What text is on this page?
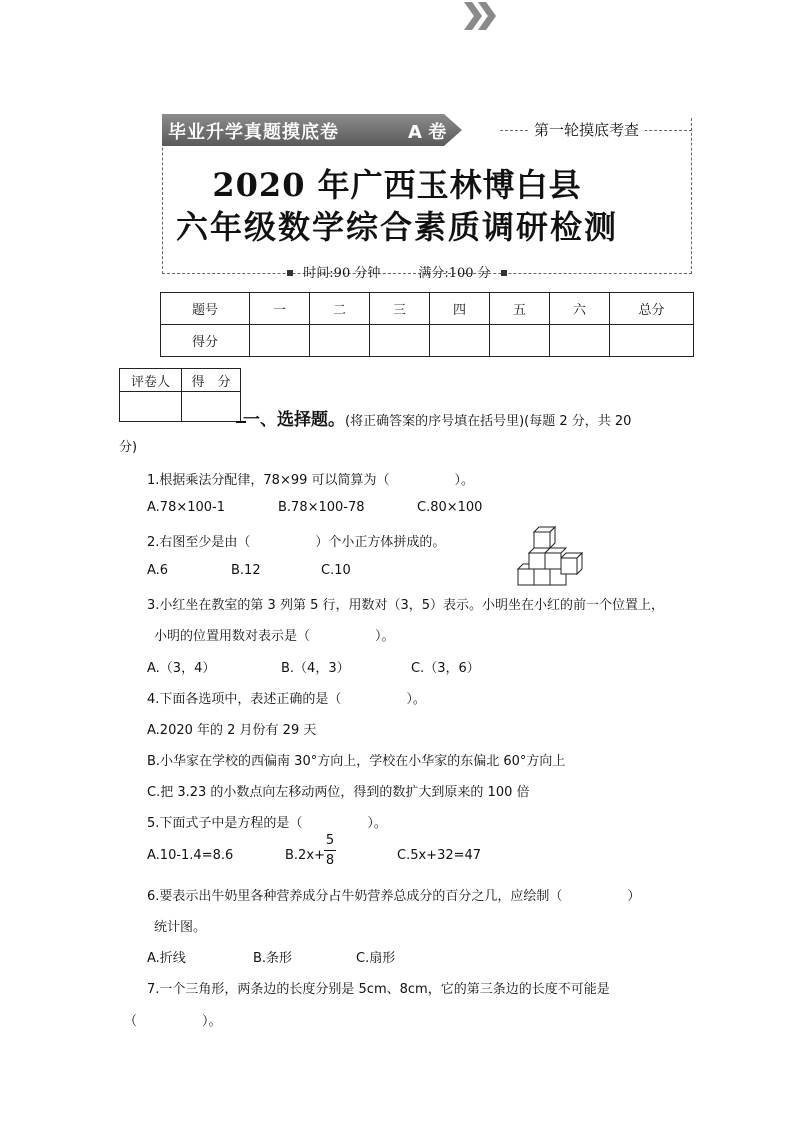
毕业升学真题摸底卷	A 卷	第一轮摸底考查
2020 年广西玉林博白县
六年级数学综合素质调研检测
时间:90 分钟	满分:100 分
题号	一	二	三	四	五	六	总分
得分							
评卷人	得　分

一、选择题。(将正确答案的序号填在括号里)(每题 2 分，共 20
分)
1.根据乘法分配律，78×99 可以简算为（　　　　　）。
A.78×100-1	B.78×100-78	C.80×100
2.右图至少是由（　　　　　）个小正方体拼成的。
A.6	B.12	C.10
3.小红坐在教室的第 3 列第 5 行，用数对（3，5）表示。小明坐在小红的前一个位置上，
小明的位置用数对表示是（　　　　　）。
A.（3，4）	B.（4，3）	C.（3，6）
4.下面各选项中，表述正确的是（　　　　　）。
A.2020 年的 2 月份有 29 天
B.小华家在学校的西偏南 30°方向上，学校在小华家的东偏北 60°方向上
C.把 3.23 的小数点向左移动两位，得到的数扩大到原来的 100 倍
5.下面式子中是方程的是（　　　　　）。
A.10-1.4=8.6	B.2x+
5
8	C.5x+32=47
6.要表示出牛奶里各种营养成分占牛奶营养总成分的百分之几，应绘制（　　　　　）
统计图。
A.折线	B.条形	C.扇形
7.一个三角形，两条边的长度分别是 5cm、8cm，它的第三条边的长度不可能是
（　　　　　）。
